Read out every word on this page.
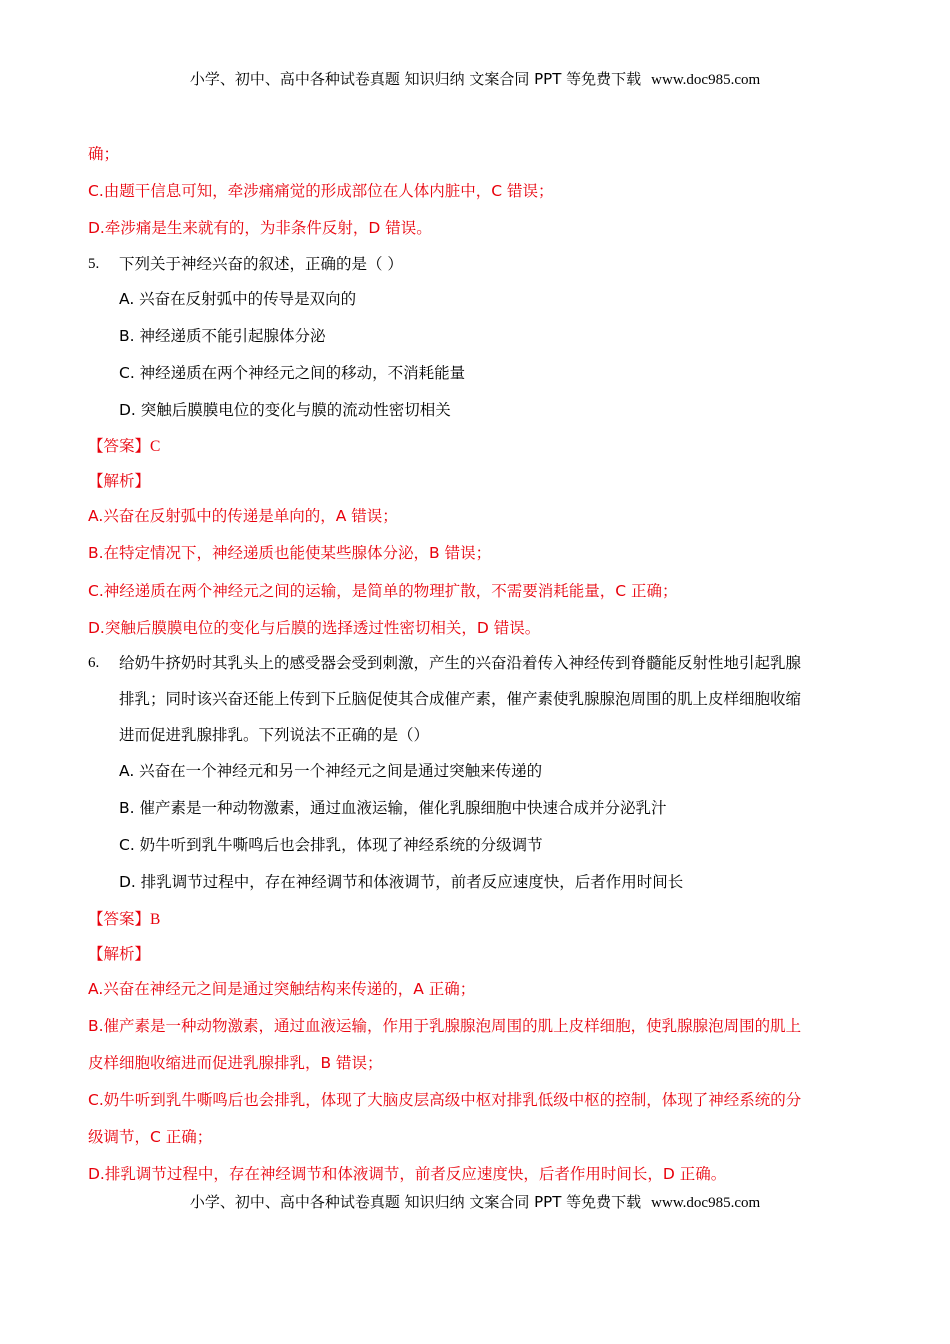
小学、初中、高中各种试卷真题 知识归纳 文案合同 PPT 等免费下载 www.doc985.com
确；
C.由题干信息可知，牵涉痛痛觉的形成部位在人体内脏中，C 错误；
D.牵涉痛是生来就有的，为非条件反射，D 错误。
5. 下列关于神经兴奋的叙述，正确的是（ ）
A. 兴奋在反射弧中的传导是双向的
B. 神经递质不能引起腺体分泌
C. 神经递质在两个神经元之间的移动，不消耗能量
D. 突触后膜膜电位的变化与膜的流动性密切相关
【答案】C
【解析】
A.兴奋在反射弧中的传递是单向的，A 错误；
B.在特定情况下，神经递质也能使某些腺体分泌，B 错误；
C.神经递质在两个神经元之间的运输，是简单的物理扩散，不需要消耗能量，C 正确；
D.突触后膜膜电位的变化与后膜的选择透过性密切相关，D 错误。
6. 给奶牛挤奶时其乳头上的感受器会受到刺激，产生的兴奋沿着传入神经传到脊髓能反射性地引起乳腺
排乳；同时该兴奋还能上传到下丘脑促使其合成催产素，催产素使乳腺腺泡周围的肌上皮样细胞收缩
进而促进乳腺排乳。下列说法不正确的是（）
A. 兴奋在一个神经元和另一个神经元之间是通过突触来传递的
B. 催产素是一种动物激素，通过血液运输，催化乳腺细胞中快速合成并分泌乳汁
C. 奶牛听到乳牛嘶鸣后也会排乳，体现了神经系统的分级调节
D. 排乳调节过程中，存在神经调节和体液调节，前者反应速度快，后者作用时间长
【答案】B
【解析】
A.兴奋在神经元之间是通过突触结构来传递的，A 正确；
B.催产素是一种动物激素，通过血液运输，作用于乳腺腺泡周围的肌上皮样细胞，使乳腺腺泡周围的肌上
皮样细胞收缩进而促进乳腺排乳，B 错误；
C.奶牛听到乳牛嘶鸣后也会排乳，体现了大脑皮层高级中枢对排乳低级中枢的控制，体现了神经系统的分
级调节，C 正确；
D.排乳调节过程中，存在神经调节和体液调节，前者反应速度快，后者作用时间长，D 正确。
小学、初中、高中各种试卷真题 知识归纳 文案合同 PPT 等免费下载 www.doc985.com
